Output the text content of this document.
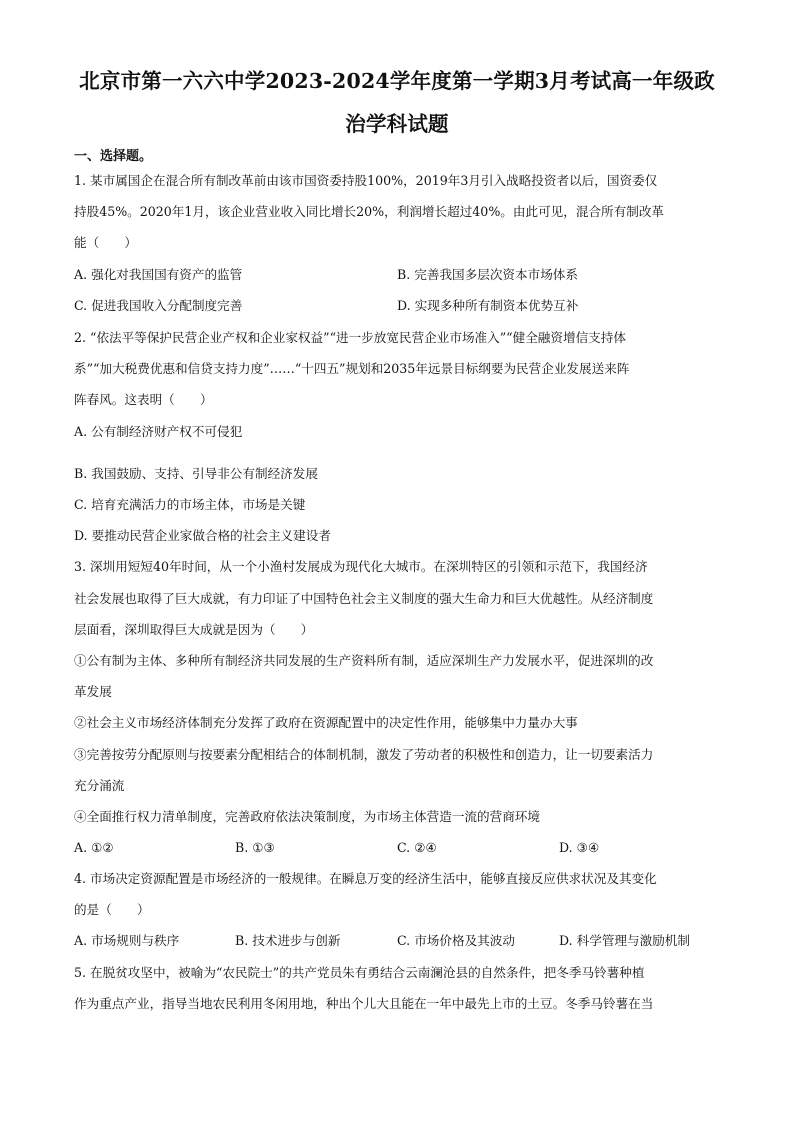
北京市第一六六中学2023-2024学年度第一学期3月考试高一年级政
治学科试题
一、选择题。
1. 某市属国企在混合所有制改革前由该市国资委持股100%，2019年3月引入战略投资者以后，国资委仅
持股45%。2020年1月，该企业营业收入同比增长20%，利润增长超过40%。由此可见，混合所有制改革
能（　　）
A. 强化对我国国有资产的监管	B. 完善我国多层次资本市场体系
C. 促进我国收入分配制度完善	D. 实现多种所有制资本优势互补
2. “依法平等保护民营企业产权和企业家权益”“进一步放宽民营企业市场准入”“健全融资增信支持体
系”“加大税费优惠和信贷支持力度”……“十四五”规划和2035年远景目标纲要为民营企业发展送来阵
阵春风。这表明（　　）
A. 公有制经济财产权不可侵犯
B. 我国鼓励、支持、引导非公有制经济发展
C. 培育充满活力的市场主体，市场是关键
D. 要推动民营企业家做合格的社会主义建设者
3. 深圳用短短40年时间，从一个小渔村发展成为现代化大城市。在深圳特区的引领和示范下，我国经济
社会发展也取得了巨大成就，有力印证了中国特色社会主义制度的强大生命力和巨大优越性。从经济制度
层面看，深圳取得巨大成就是因为（　　）
①公有制为主体、多种所有制经济共同发展的生产资料所有制，适应深圳生产力发展水平，促进深圳的改
革发展
②社会主义市场经济体制充分发挥了政府在资源配置中的决定性作用，能够集中力量办大事
③完善按劳分配原则与按要素分配相结合的体制机制，激发了劳动者的积极性和创造力，让一切要素活力
充分涌流
④全面推行权力清单制度，完善政府依法决策制度，为市场主体营造一流的营商环境
A. ①②	B. ①③	C. ②④	D. ③④
4. 市场决定资源配置是市场经济的一般规律。在瞬息万变的经济生活中，能够直接反应供求状况及其变化
的是（　　）
A. 市场规则与秩序	B. 技术进步与创新	C. 市场价格及其波动	D. 科学管理与激励机制
5. 在脱贫攻坚中，被喻为“农民院士”的共产党员朱有勇结合云南澜沧县的自然条件，把冬季马铃薯种植
作为重点产业，指导当地农民利用冬闲用地，种出个儿大且能在一年中最先上市的土豆。冬季马铃薯在当
